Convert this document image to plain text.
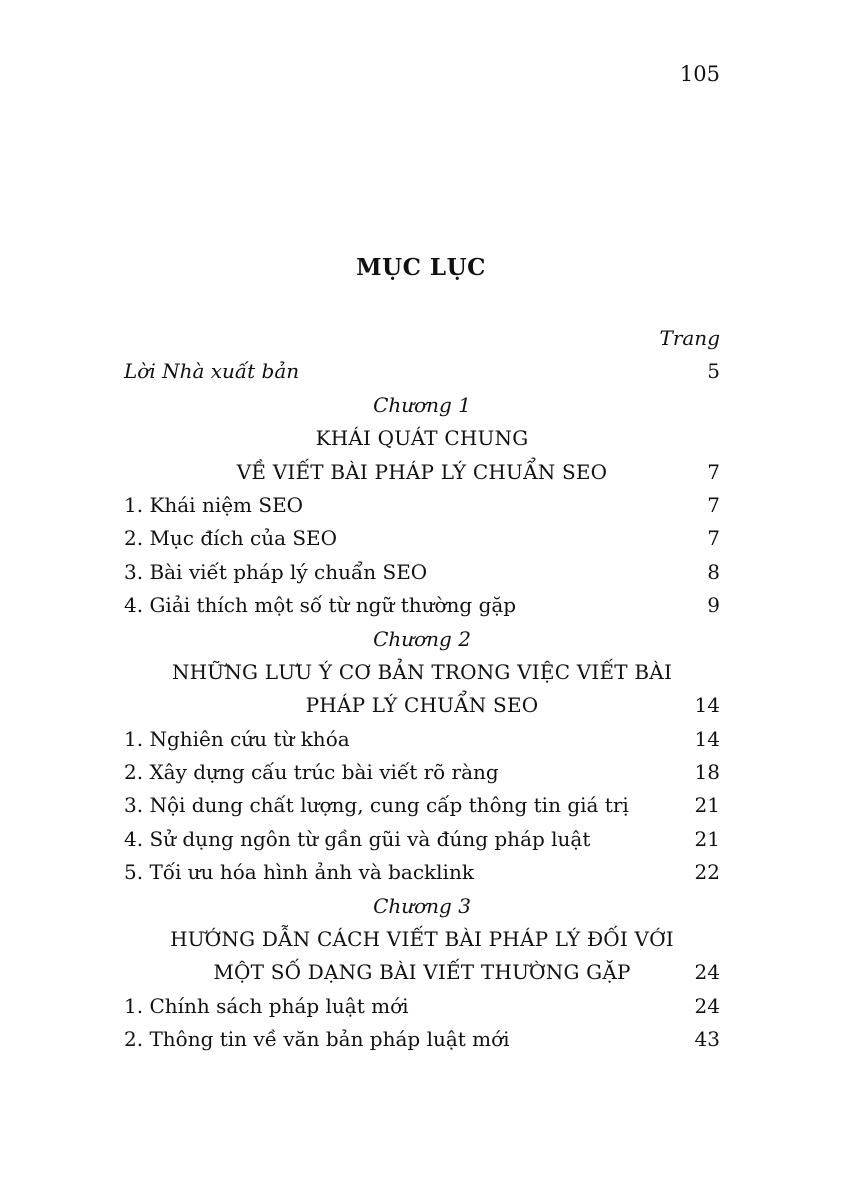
105
MỤC LỤC
Trang
Lời Nhà xuất bản	5
Chương 1
KHÁI QUÁT CHUNG
VỀ VIẾT BÀI PHÁP LÝ CHUẨN SEO	7
1. Khái niệm SEO	7
2. Mục đích của SEO	7
3. Bài viết pháp lý chuẩn SEO	8
4. Giải thích một số từ ngữ thường gặp	9
Chương 2
NHỮNG LƯU Ý CƠ BẢN TRONG VIỆC VIẾT BÀI
PHÁP LÝ CHUẨN SEO	14
1. Nghiên cứu từ khóa	14
2. Xây dựng cấu trúc bài viết rõ ràng	18
3. Nội dung chất lượng, cung cấp thông tin giá trị	21
4. Sử dụng ngôn từ gần gũi và đúng pháp luật	21
5. Tối ưu hóa hình ảnh và backlink	22
Chương 3
HƯỚNG DẪN CÁCH VIẾT BÀI PHÁP LÝ ĐỐI VỚI
MỘT SỐ DẠNG BÀI VIẾT THƯỜNG GẶP	24
1. Chính sách pháp luật mới	24
2. Thông tin về văn bản pháp luật mới	43
